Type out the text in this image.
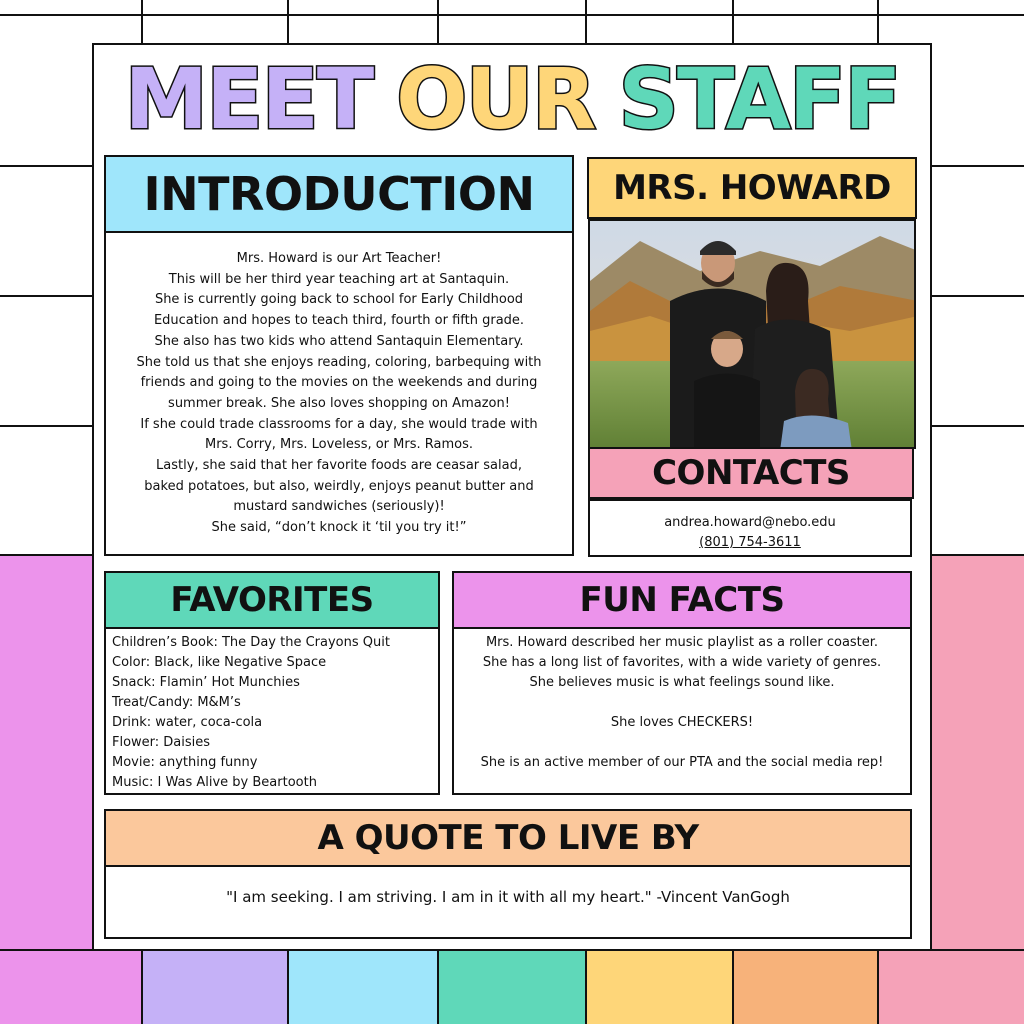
MEET OUR STAFF
INTRODUCTION
Mrs. Howard is our Art Teacher!
This will be her third year teaching art at Santaquin.
She is currently going back to school for Early Childhood
Education and hopes to teach third, fourth or fifth grade.
She also has two kids who attend Santaquin Elementary.
She told us that she enjoys reading, coloring, barbequing with
friends and going to the movies on the weekends and during
summer break. She also loves shopping on Amazon!
If she could trade classrooms for a day, she would trade with
Mrs. Corry, Mrs. Loveless, or Mrs. Ramos.
Lastly, she said that her favorite foods are ceasar salad,
baked potatoes, but also, weirdly, enjoys peanut butter and
mustard sandwiches (seriously)!
She said, “don’t knock it ‘til you try it!”
MRS. HOWARD
CONTACTS
andrea.howard@nebo.edu
(801) 754-3611
FAVORITES
Children’s Book: The Day the Crayons Quit
Color: Black, like Negative Space
Snack: Flamin’ Hot Munchies
Treat/Candy: M&M’s
Drink: water, coca-cola
Flower: Daisies
Movie: anything funny
Music: I Was Alive by Beartooth
FUN FACTS
Mrs. Howard described her music playlist as a roller coaster.
She has a long list of favorites, with a wide variety of genres.
She believes music is what feelings sound like.

She loves CHECKERS!

She is an active member of our PTA and the social media rep!
A QUOTE TO LIVE BY
"I am seeking. I am striving. I am in it with all my heart." -Vincent VanGogh
